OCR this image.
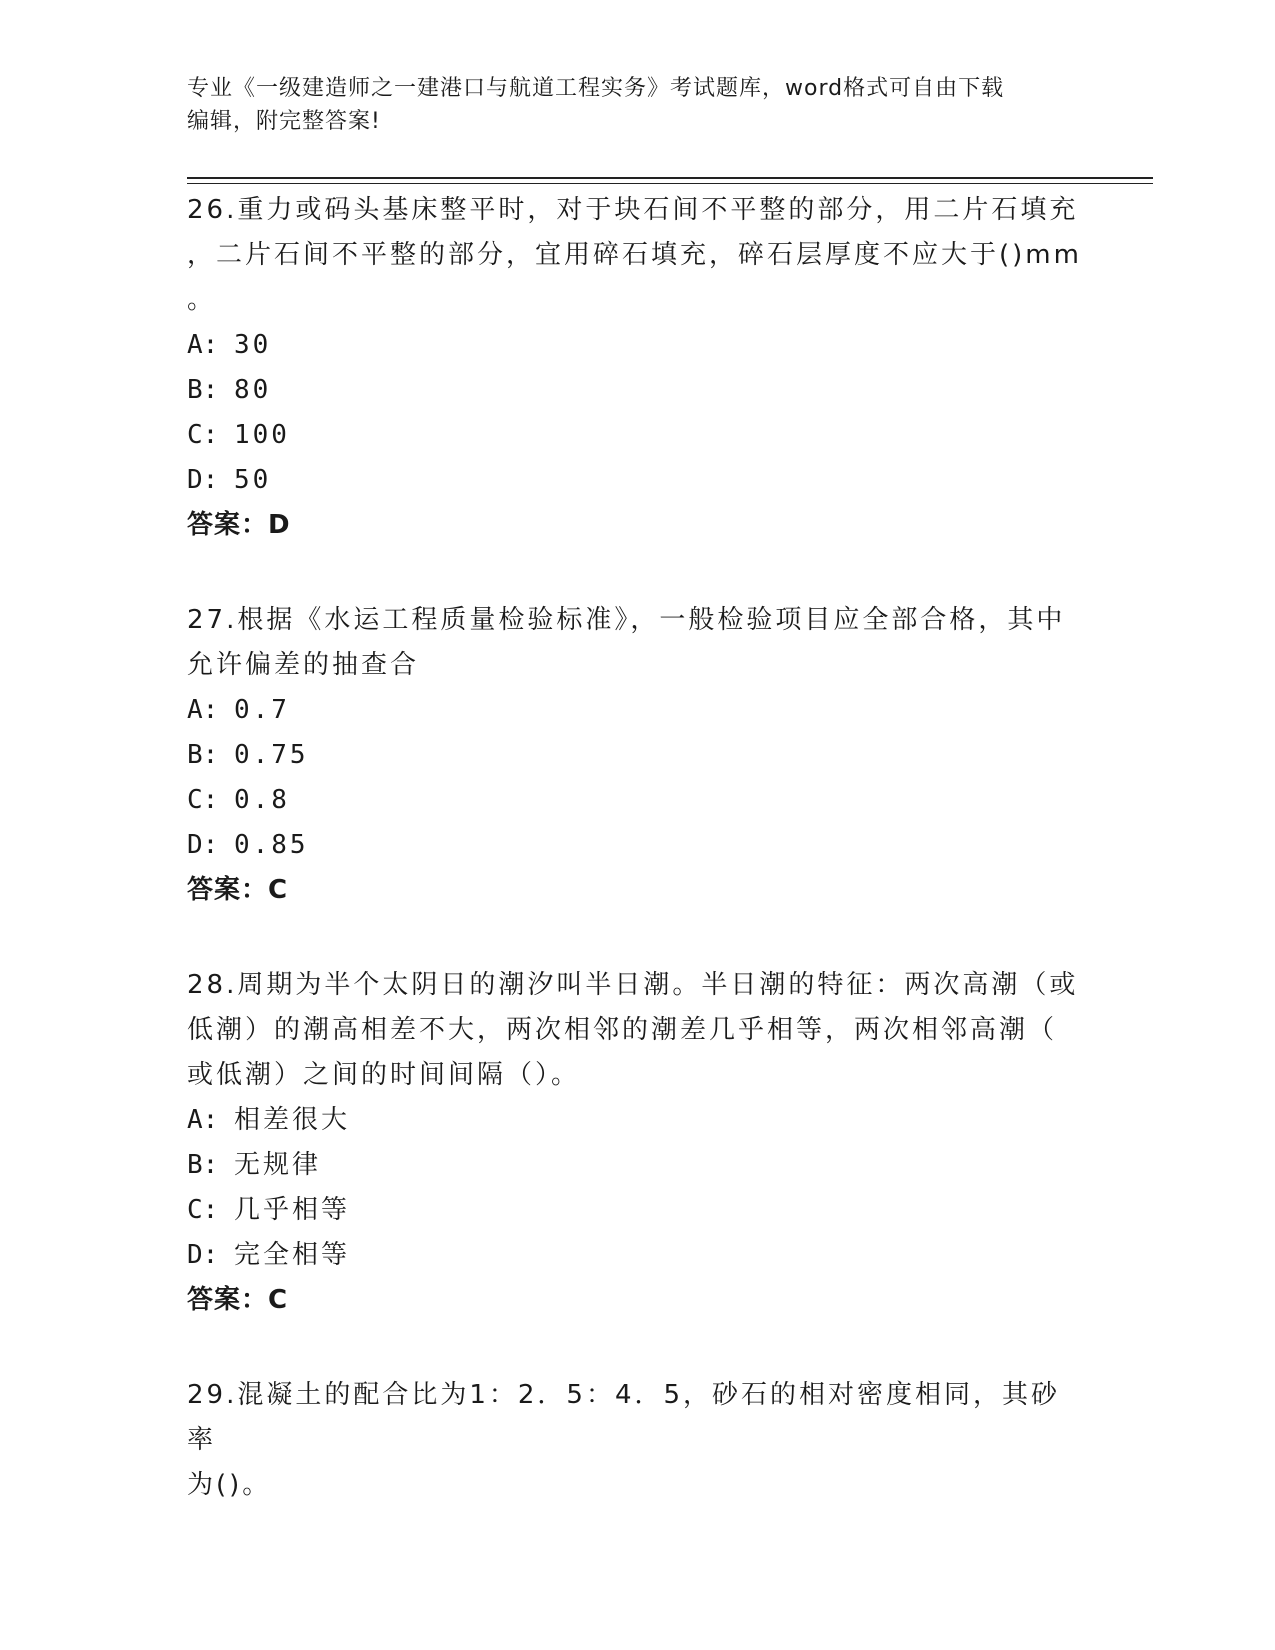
专业《一级建造师之一建港口与航道工程实务》考试题库，word格式可自由下载
编辑，附完整答案!
26.重力或码头基床整平时，对于块石间不平整的部分，用二片石填充
，二片石间不平整的部分，宜用碎石填充，碎石层厚度不应大于()mm
。
A: 30
B: 80
C: 100
D: 50
答案：D
27.根据《水运工程质量检验标准》，一般检验项目应全部合格，其中
允许偏差的抽查合
A: 0.7
B: 0.75
C: 0.8
D: 0.85
答案：C
28.周期为半个太阴日的潮汐叫半日潮。半日潮的特征：两次高潮（或
低潮）的潮高相差不大，两次相邻的潮差几乎相等，两次相邻高潮（
或低潮）之间的时间间隔（）。
A: 相差很大
B: 无规律
C: 几乎相等
D: 完全相等
答案：C
29.混凝土的配合比为1：2．5：4．5，砂石的相对密度相同，其砂率
为()。
